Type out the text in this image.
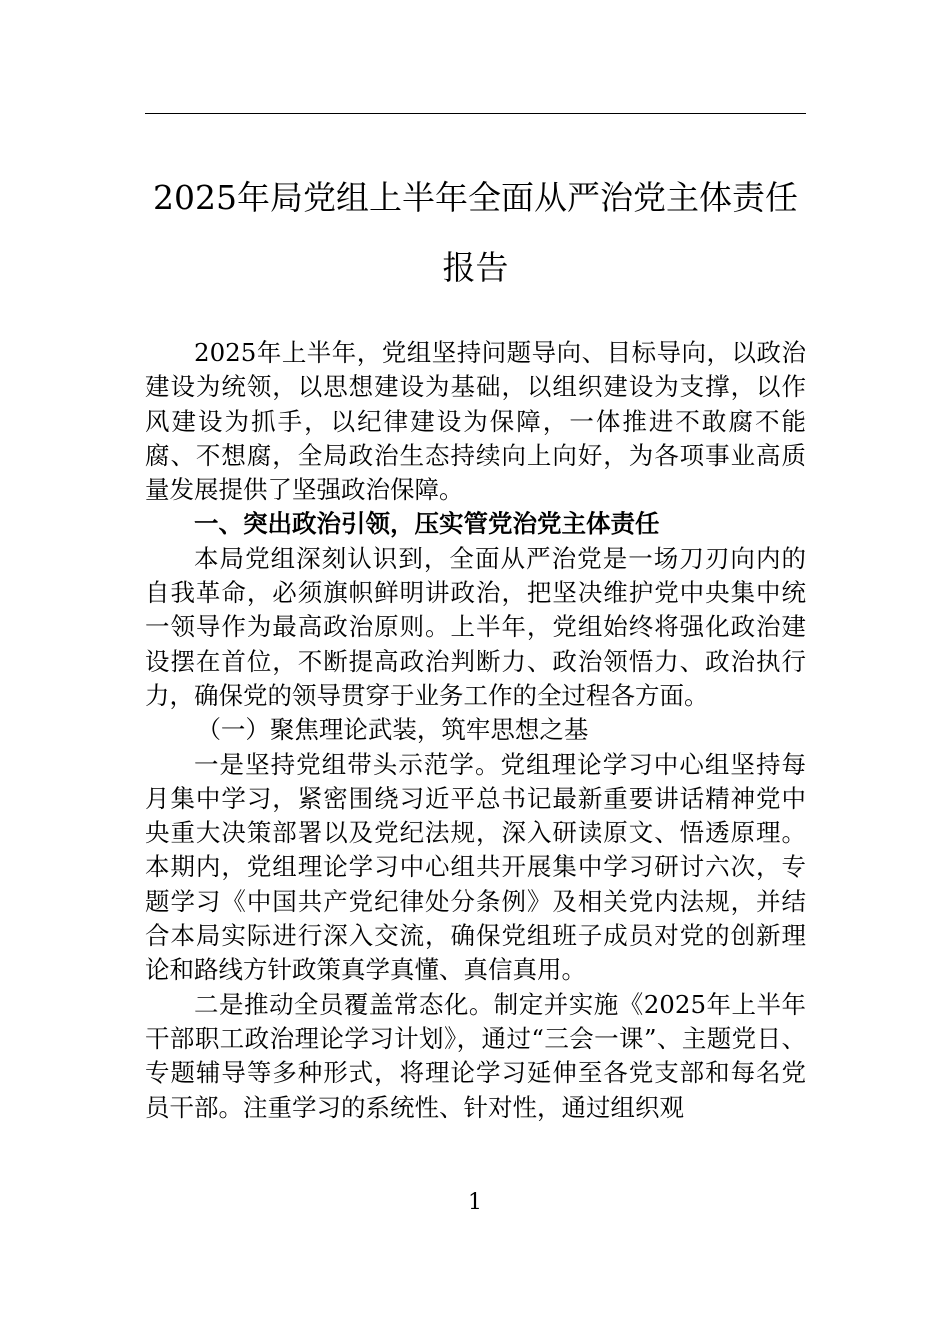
2025年局党组上半年全面从严治党主体责任报告

2025年上半年，党组坚持问题导向、目标导向，以政治建设为统领，以思想建设为基础，以组织建设为支撑，以作风建设为抓手，以纪律建设为保障，一体推进不敢腐不能腐、不想腐，全局政治生态持续向上向好，为各项事业高质量发展提供了坚强政治保障。

一、突出政治引领，压实管党治党主体责任

本局党组深刻认识到，全面从严治党是一场刀刃向内的自我革命，必须旗帜鲜明讲政治，把坚决维护党中央集中统一领导作为最高政治原则。上半年，党组始终将强化政治建设摆在首位，不断提高政治判断力、政治领悟力、政治执行力，确保党的领导贯穿于业务工作的全过程各方面。

（一）聚焦理论武装，筑牢思想之基

一是坚持党组带头示范学。党组理论学习中心组坚持每月集中学习，紧密围绕习近平总书记最新重要讲话精神党中央重大决策部署以及党纪法规，深入研读原文、悟透原理。本期内，党组理论学习中心组共开展集中学习研讨六次，专题学习《中国共产党纪律处分条例》及相关党内法规，并结合本局实际进行深入交流，确保党组班子成员对党的创新理论和路线方针政策真学真懂、真信真用。

二是推动全员覆盖常态化。制定并实施《2025年上半年干部职工政治理论学习计划》，通过“三会一课”、主题党日、专题辅导等多种形式，将理论学习延伸至各党支部和每名党员干部。注重学习的系统性、针对性，通过组织观

1
